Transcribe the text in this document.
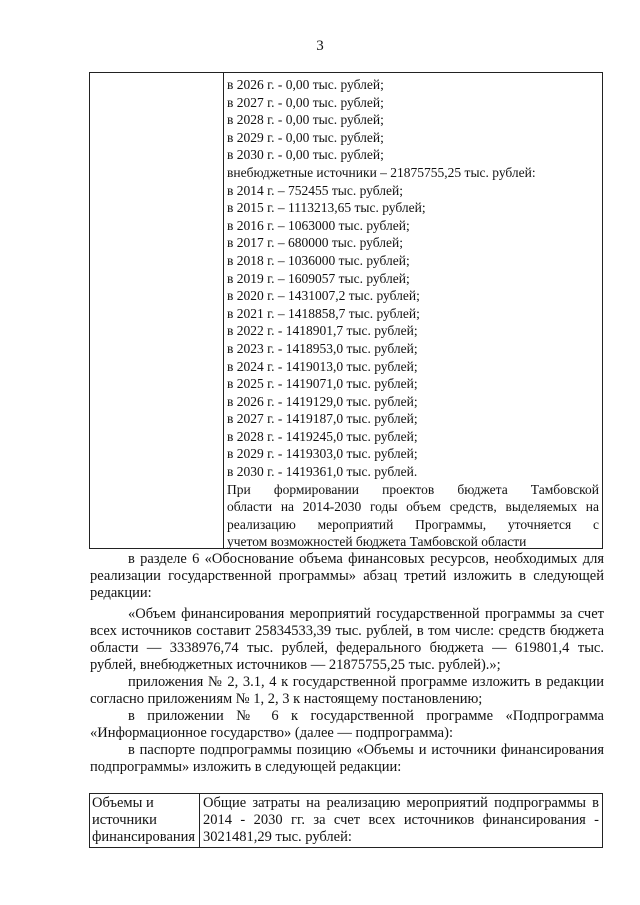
3
в 2026 г. - 0,00 тыс. рублей;
в 2027 г. - 0,00 тыс. рублей;
в 2028 г. - 0,00 тыс. рублей;
в 2029 г. - 0,00 тыс. рублей;
в 2030 г. - 0,00 тыс. рублей;
внебюджетные источники – 21875755,25 тыс. рублей:
в 2014 г. – 752455 тыс. рублей;
в 2015 г. – 1113213,65 тыс. рублей;
в 2016 г. – 1063000 тыс. рублей;
в 2017 г. – 680000 тыс. рублей;
в 2018 г. – 1036000 тыс. рублей;
в 2019 г. – 1609057 тыс. рублей;
в 2020 г. – 1431007,2 тыс. рублей;
в 2021 г. – 1418858,7 тыс. рублей;
в 2022 г. - 1418901,7 тыс. рублей;
в 2023 г. - 1418953,0 тыс. рублей;
в 2024 г. - 1419013,0 тыс. рублей;
в 2025 г. - 1419071,0 тыс. рублей;
в 2026 г. - 1419129,0 тыс. рублей;
в 2027 г. - 1419187,0 тыс. рублей;
в 2028 г. - 1419245,0 тыс. рублей;
в 2029 г. - 1419303,0 тыс. рублей;
в 2030 г. - 1419361,0 тыс. рублей.
При формировании проектов бюджета Тамбовской
области на 2014-2030 годы объем средств, выделяемых на
реализацию мероприятий Программы, уточняется с
учетом возможностей бюджета Тамбовской области

в разделе 6 «Обоснование объема финансовых ресурсов, необходимых для реализации государственной программы» абзац третий изложить в следующей редакции:

«Объем финансирования мероприятий государственной программы за счет всех источников составит 25834533,39 тыс. рублей, в том числе: средств бюджета области — 3338976,74 тыс. рублей, федерального бюджета — 619801,4 тыс. рублей, внебюджетных источников — 21875755,25 тыс. рублей).»;

приложения № 2, 3.1, 4 к государственной программе изложить в редакции согласно приложениям № 1, 2, 3 к настоящему постановлению;

в приложении № 6 к государственной программе «Подпрограмма «Информационное государство» (далее — подпрограмма):

в паспорте подпрограммы позицию «Объемы и источники финансирования подпрограммы» изложить в следующей редакции:

Объемы и источники финансирования
Общие затраты на реализацию мероприятий подпрограммы в 2014 - 2030 гг. за счет всех источников финансирования - 3021481,29 тыс. рублей:
